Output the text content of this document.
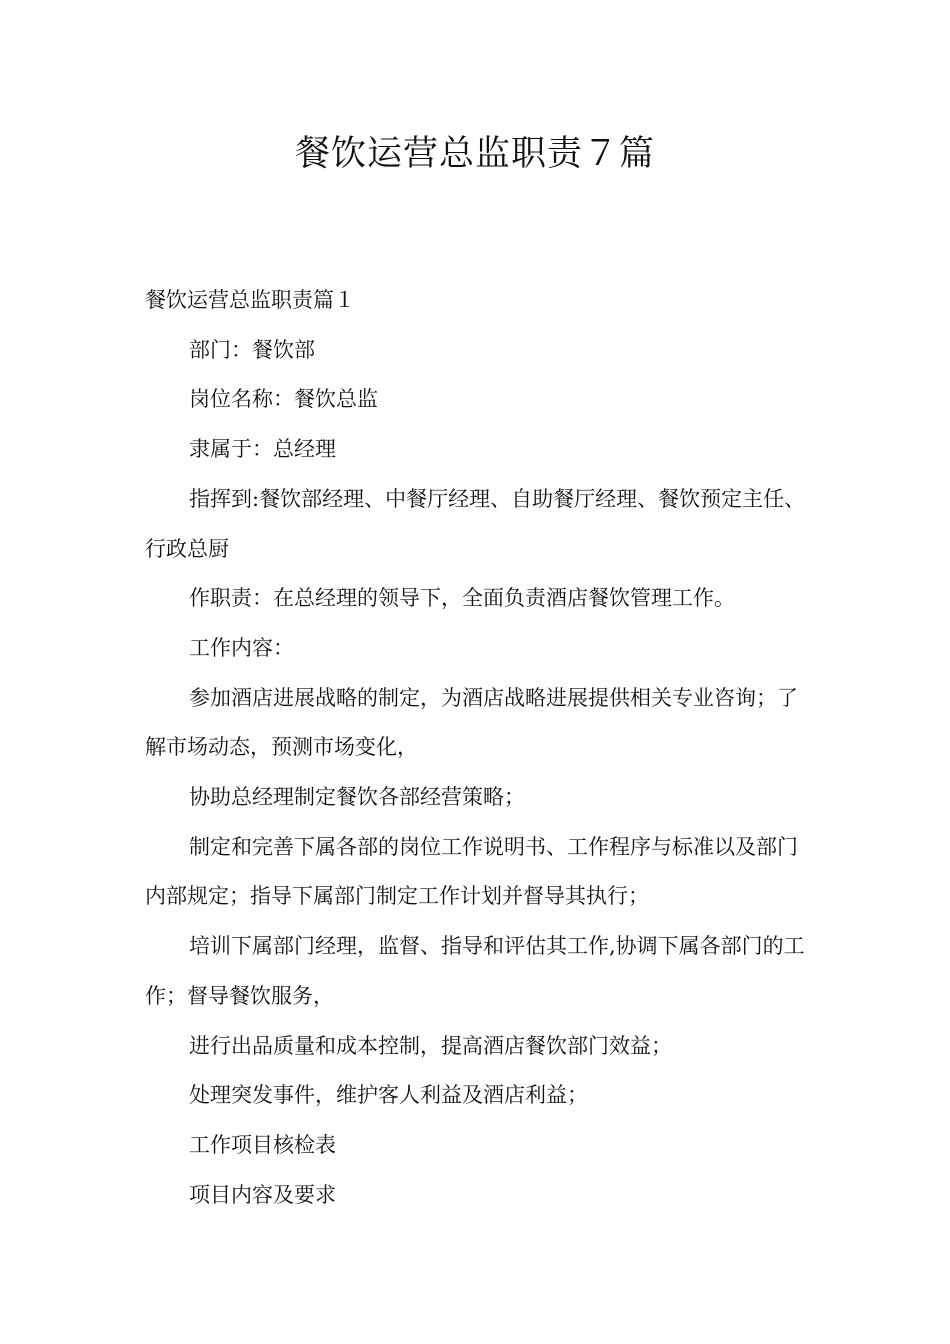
餐饮运营总监职责７篇

餐饮运营总监职责篇１

部门：餐饮部

岗位名称：餐饮总监

隶属于：总经理

指挥到:餐饮部经理、中餐厅经理、自助餐厅经理、餐饮预定主任、行政总厨

作职责：在总经理的领导下，全面负责酒店餐饮管理工作。

工作内容：

参加酒店进展战略的制定，为酒店战略进展提供相关专业咨询；了解市场动态，预测市场变化，

协助总经理制定餐饮各部经营策略；

制定和完善下属各部的岗位工作说明书、工作程序与标准以及部门内部规定；指导下属部门制定工作计划并督导其执行；

培训下属部门经理，监督、指导和评估其工作,协调下属各部门的工作；督导餐饮服务，

进行出品质量和成本控制，提高酒店餐饮部门效益；

处理突发事件，维护客人利益及酒店利益；

工作项目核检表

项目内容及要求
